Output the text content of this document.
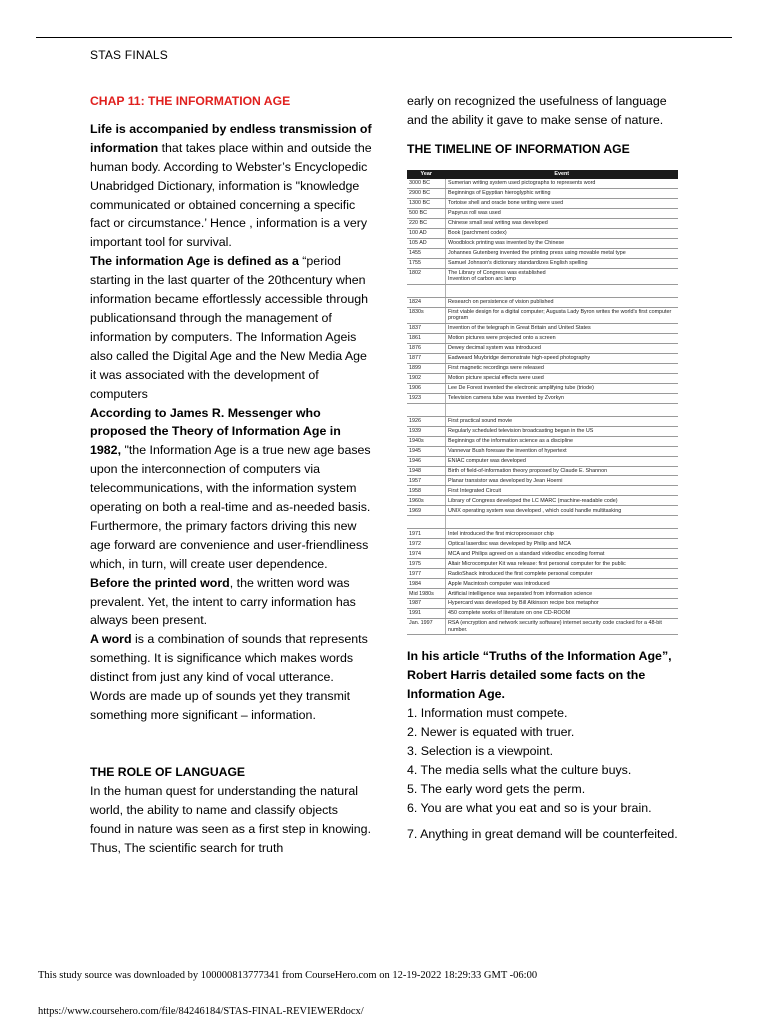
STAS FINALS

CHAP 11: THE INFORMATION AGE

Life is accompanied by endless transmission of information that takes place within and outside the human body. According to Webster’s Encyclopedic Unabridged Dictionary, information is "knowledge communicated or obtained concerning a specific fact or circumstance.’ Hence , information is a very important tool for survival.

The information Age is defined as a “period starting in the last quarter of the 20thcentury when information became effortlessly accessible through publicationsand through the management of information by computers. The Information Ageis also called the Digital Age and the New Media Age it was associated with the development of computers

According to James R. Messenger who proposed the Theory of Information Age in 1982, "the Information Age is a true new age bases upon the interconnection of computers via telecommunications, with the information system operating on both a real-time and as-needed basis. Furthermore, the primary factors driving this new age forward are convenience and user-friendliness which, in turn, will create user dependence.

Before the printed word, the written word was prevalent. Yet, the intent to carry information has always been present.

A word is a combination of sounds that represents something. It is significance which makes words distinct from just any kind of vocal utterance. Words are made up of sounds yet they transmit something more significant – information.

THE ROLE OF LANGUAGE

In the human quest for understanding the natural world, the ability to name and classify objects found in nature was seen as a first step in knowing. Thus, The scientific search for truth

early on recognized the usefulness of language and the ability it gave to make sense of nature.

THE TIMELINE OF INFORMATION AGE

Year	Event
3000 BC	Sumerian writing system used pictographs to represents word
2900 BC	Beginnings of Egyptian hieroglyphic writing
1300 BC	Tortoise shell and oracle bone writing were used
500 BC	Papyrus roll was used
220 BC	Chinese small seal writing was developed
100 AD	Book (parchment codex)
105 AD	Woodblock printing was invented by the Chinese
1455	Johannes Gutenberg invented the printing press using movable metal type
1755	Samuel Johnson's dictionary standardizes English spelling
1802	The Library of Congress was established
Invention of carbon arc lamp

1824	Research on persistence of vision published
1830s	First viable design for a digital computer; Augusta Lady Byron writes the world's first computer program
1837	Invention of the telegraph in Great Britain and United States
1861	Motion pictures were projected onto a screen
1876	Dewey decimal system was introduced
1877	Eadweard Muybridge demonstrate high-speed photography
1899	First magnetic recordings were released
1902	Motion picture special effects were used
1906	Lee De Forest invented the electronic amplifying tube (triode)
1923	Television camera tube was invented by Zvorkyn

1926	First practical sound movie
1939	Regularly scheduled television broadcasting began in the US
1940s	Beginnings of the information science as a discipline
1945	Vannevar Bush foresaw the invention of hypertext
1946	ENIAC computer was developed
1948	Birth of field-of-information theory proposed by Claude E. Shannon
1957	Planar transistor was developed by Jean Hoerni
1958	First Integrated Circuit
1960s	Library of Congress developed the LC MARC (machine-readable code)
1969	UNIX operating system was developed , which could handle multitasking

1971	Intel introduced the first microprocessor chip
1972	Optical laserdisc was developed by Philip and MCA
1974	MCA and Philips agreed on a standard videodisc encoding format
1975	Altair Microcomputer Kit was release: first personal computer for the public
1977	RadioShack introduced the first complete personal computer
1984	Apple Macintosh computer was introduced
Mid 1980s	Artificial intelligence was separated from information science
1987	Hypercard was developed by Bill Atkinson recipe box metaphor
1991	450 complete works of literature on one CD-ROOM
Jan. 1997	RSA (encryption and network security software) internet security code cracked for a 48-bit number.

In his article “Truths of the Information Age”, Robert Harris detailed some facts on the Information Age.

1. Information must compete.

2. Newer is equated with truer.

3. Selection is a viewpoint.

4. The media sells what the culture buys.

5. The early word gets the perm.

6. You are what you eat and so is your brain.

7. Anything in great demand will be counterfeited.

This study source was downloaded by 100000813777341 from CourseHero.com on 12-19-2022 18:29:33 GMT -06:00
https://www.coursehero.com/file/84246184/STAS-FINAL-REVIEWERdocx/
